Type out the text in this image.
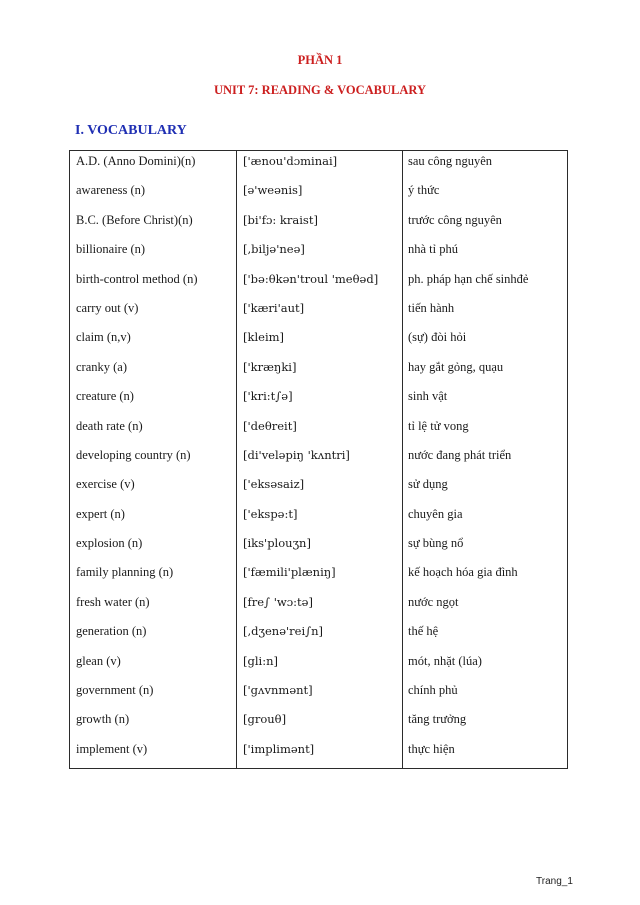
PHẦN 1
UNIT 7: READING & VOCABULARY
I. VOCABULARY
A.D. (Anno Domini)(n)	['ænou'dɔminai]	sau công nguyên
awareness (n)	[ə'weənis]	ý thức
B.C. (Before Christ)(n)	[bi'fɔ: kraist]	trước công nguyên
billionaire (n)	[,biljə'neə]	nhà tỉ phú
birth-control method (n)	['bə:θkən'troul 'meθəd] ph. pháp hạn chế sinhđẻ
carry out (v)	['kæri'aut]	tiến hành
claim (n,v)	[kleim]	(sự) đòi hỏi
cranky (a)	['kræŋki]	hay gắt gỏng, quạu
creature (n)	['kri:t∫ə]	sinh vật
death rate (n)	['deθreit]	tỉ lệ tử vong
developing country (n)	[di'veləpiŋ 'kʌntri]	nước đang phát triển
exercise (v)	['eksəsaiz]	sử dụng
expert (n)	['ekspə:t]	chuyên gia
explosion (n)	[iks'plouʒn]	sự bùng nổ
family planning (n)	['fæmili'plæniŋ]	kế hoạch hóa gia đình
fresh water (n)	[fre∫ 'wɔ:tə]	nước ngọt
generation (n)	[,dʒenə'rei∫n]	thế hệ
glean (v)	[gli:n]	mót, nhặt (lúa)
government (n)	['gʌvnmənt]	chính phủ
growth (n)	[grouθ]	tăng trưởng
implement (v)	['implimənt]	thực hiện
Trang_1
